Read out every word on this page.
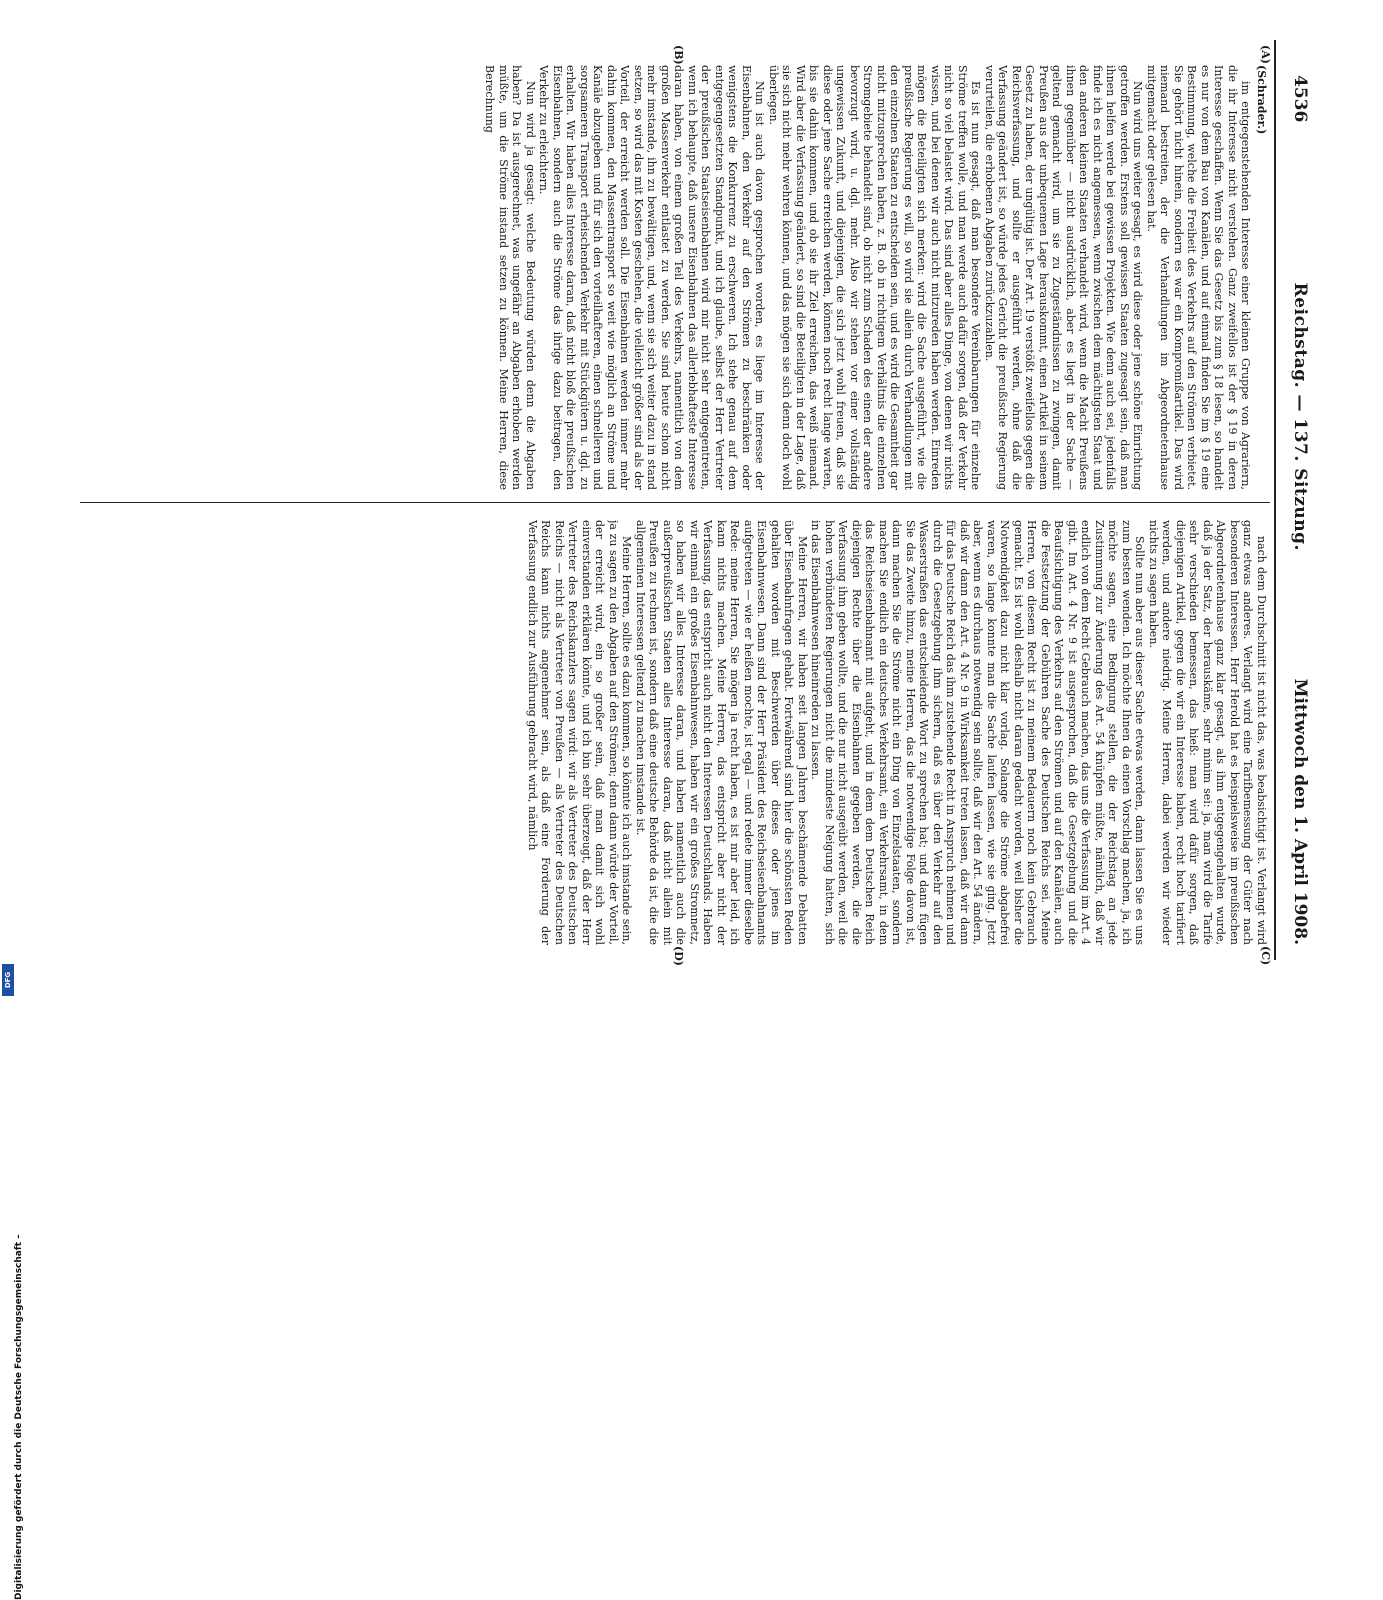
4536
Reichstag. — 137. Sitzung.
Mittwoch den 1. April 1908.
(A)
(B)
(C)
(D)

(Schrader.)

im entgegenstehenden Interesse einer kleinen Gruppe von Agrariern, die ihr Interesse nicht verstehen. Ganz zweifellos ist der § 19 in deren Interesse geschaffen. Wenn Sie das Gesetz bis zum § 18 lesen, so handelt es nur von dem Bau von Kanälen, und auf einmal finden Sie im § 19 eine Bestimmung, welche die Freiheit des Verkehrs auf den Strömen verbietet. Sie gehört nicht hinein, sondern es war ein Kompromißartikel. Das wird niemand bestreiten, der die Verhandlungen im Abgeordnetenhause mitgemacht oder gelesen hat.

Nun wird uns weiter gesagt, es wird diese oder jene schöne Einrichtung getroffen werden. Erstens soll gewissen Staaten zugesagt sein, daß man ihnen helfen werde bei gewissen Projekten. Wie denn auch sei, jedenfalls finde ich es nicht angemessen, wenn zwischen dem mächtigsten Staat und den anderen kleinen Staaten verhandelt wird, wenn die Macht Preußens ihnen gegenüber — nicht ausdrücklich, aber es liegt in der Sache — geltend gemacht wird, um sie zu Zugeständnissen zu zwingen, damit Preußen aus der unbequemen Lage herauskommt, einen Artikel in seinem Gesetz zu haben, der ungültig ist. Der Art. 19 verstößt zweifellos gegen die Reichsverfassung, und sollte er ausgeführt werden, ohne daß die Verfassung geändert ist, so würde jedes Gericht die preußische Regierung verurteilen, die erhobenen Abgaben zurückzuzahlen.

Es ist nun gesagt, daß man besondere Vereinbarungen für einzelne Ströme treffen wolle, und man werde auch dafür sorgen, daß der Verkehr nicht so viel belastet wird. Das sind aber alles Dinge, von denen wir nichts wissen, und bei denen wir auch nicht mitzureden haben werden. Einreden mögen die Beteiligten sich merken: wird die Sache ausgeführt, wie die preußische Regierung es will, so wird sie allein durch Verhandlungen mit den einzelnen Staaten zu entscheiden sein, und es wird die Gesamtheit gar nicht mitzusprechen haben, z. B. ob in richtigem Verhältnis die einzelnen Stromgebiete behandelt sind, ob nicht zum Schaden des einen der andere bevorzugt wird, u. dgl. mehr. Also wir stehen vor einer vollständig ungewissen Zukunft, und diejenigen, die sich jetzt wohl freuen, daß sie diese oder jene Sache erreichen werden, können noch recht lange warten, bis sie dahin kommen, und ob sie ihr Ziel erreichen, das weiß niemand. Wird aber die Verfassung geändert, so sind die Beteiligten in der Lage, daß sie sich nicht mehr wehren können, und das mögen sie sich denn doch wohl überlegen.

Nun ist auch davon gesprochen worden, es liege im Interesse der Eisenbahnen, den Verkehr auf den Strömen zu beschränken oder wenigstens die Konkurrenz zu erschweren. Ich stehe genau auf dem entgegengesetzten Standpunkt, und ich glaube, selbst der Herr Vertreter der preußischen Staatseisenbahnen wird mir nicht sehr entgegentreten, wenn ich behaupte, daß unsere Eisenbahnen das allerlebhafteste Interesse daran haben, von einem großen Teil des Verkehrs, namentlich von dem großen Massenverkehr entlastet zu werden. Sie sind heute schon nicht mehr imstande, ihn zu bewältigen, und, wenn sie sich weiter dazu in stand setzen, so wird das mit Kosten geschehen, die vielleicht größer sind als der Vorteil, der erreicht werden soll. Die Eisenbahnen werden immer mehr dahin kommen, den Massentransport so weit wie möglich an Ströme und Kanäle abzugeben und für sich den vorteilhafteren, einen schnelleren und sorgsameren Transport erheischenden Verkehr mit Stückgütern u. dgl. zu erhalten. Wir haben alles Interesse daran, daß nicht bloß die preußischen Eisenbahnen, sondern auch die Ströme das ihrige dazu beitragen, den Verkehr zu erleichtern.

Nun wird ja gesagt: welche Bedeutung würden denn die Abgaben haben? Da ist ausgerechnet, was ungefähr an Abgaben erhoben werden müßte, um die Ströme instand setzen zu können. Meine Herren, diese Berechnung

nach dem Durchschnitt ist nicht das, was beabsichtigt ist. Verlangt wird ganz etwas anderes. Verlangt wird eine Tarifbemessung der Güter nach besonderen Interessen. Herr Herold hat es beispielsweise im preußischen Abgeordnetenhause ganz klar gesagt, als ihm entgegengehalten wurde, daß ja der Satz, der herauskäme, sehr minim sei: ja, man wird die Tarife sehr verschieden bemessen, das hieß: man wird dafür sorgen, daß diejenigen Artikel, gegen die wir ein Interesse haben, recht hoch tarifiert werden, und andere niedrig. Meine Herren, dabei werden wir wieder nichts zu sagen haben.

Sollte nun aber aus dieser Sache etwas werden, dann lassen Sie es uns zum besten wenden. Ich möchte Ihnen da einen Vorschlag machen, ja, ich möchte sagen, eine Bedingung stellen, die der Reichstag an jede Zustimmung zur Änderung des Art. 54 knüpfen müßte, nämlich, daß wir endlich von dem Recht Gebrauch machen, das uns die Verfassung im Art. 4 gibt. Im Art. 4 Nr. 9 ist ausgesprochen, daß die Gesetzgebung und die Beaufsichtigung des Verkehrs auf den Strömen und auf den Kanälen, auch die Festsetzung der Gebühren Sache des Deutschen Reichs sei. Meine Herren, von diesem Recht ist zu meinem Bedauern noch kein Gebrauch gemacht. Es ist wohl deshalb nicht daran gedacht worden, weil bisher die Notwendigkeit dazu nicht klar vorlag. Solange die Ströme abgabefrei waren, so lange konnte man die Sache laufen lassen, wie sie ging. Jetzt aber, wenn es durchaus notwendig sein sollte, daß wir den Art. 54 ändern, daß wir dann den Art. 4 Nr. 9 in Wirksamkeit treten lassen, daß wir dann für das Deutsche Reich das ihm zustehende Recht in Anspruch nehmen und durch die Gesetzgebung ihm sichern, daß es über den Verkehr auf den Wasserstraßen das entscheidende Wort zu sprechen hat; und dann fügen Sie das Zweite hinzu, meine Herren, das die notwendige Folge davon ist, dann machen Sie die Ströme nicht ein Ding von Einzelstaaten, sondern machen Sie endlich ein deutsches Verkehrsamt, ein Verkehrsamt, in dem das Reichseisenbahnamt mit aufgeht, und in dem dem Deutschen Reich diejenigen Rechte über die Eisenbahnen gegeben werden, die die Verfassung ihm geben wollte, und die nur nicht ausgeübt werden, weil die hohen verbündeten Regierungen nicht die mindeste Neigung hatten, sich in das Eisenbahnwesen hineinreden zu lassen.

Meine Herren, wir haben seit langen Jahren beschämende Debatten über Eisenbahnfragen gehabt. Fortwährend sind hier die schönsten Reden gehalten worden mit Beschwerden über dieses oder jenes im Eisenbahnwesen. Dann sind der Herr Präsident des Reichseisenbahnamts aufgetreten — wie er heißen mochte, ist egal — und redete immer dieselbe Rede: meine Herren, Sie mögen ja recht haben, es ist mir aber leid, ich kann nichts machen. Meine Herren, das entspricht aber nicht der Verfassung, das entspricht auch nicht den Interessen Deutschlands. Haben wir einmal ein großes Eisenbahnwesen, haben wir ein großes Stromnetz, so haben wir alles Interesse daran, und haben namentlich auch die außerpreußischen Staaten alles Interesse daran, daß nicht allein mit Preußen zu rechnen ist, sondern daß eine deutsche Behörde da ist, die die allgemeinen Interessen geltend zu machen imstande ist.

Meine Herren, sollte es dazu kommen, so könnte ich auch imstande sein, ja zu sagen zu den Abgaben auf den Strömen; denn dann würde der Vorteil, der erreicht wird, ein so großer sein, daß man damit sich wohl einverstanden erklären könnte, und ich bin sehr überzeugt, daß der Herr Vertreter des Reichskanzlers sagen wird: wir als Vertreter des Deutschen Reichs — nicht als Vertreter von Preußen — als Vertreter des Deutschen Reichs kann nichts angenehmer sein, als daß eine Forderung der Verfassung endlich zur Ausführung gebracht wird, nämlich

Digitalisierung gefördert durch die Deutsche Forschungsgemeinschaft –
DFG
